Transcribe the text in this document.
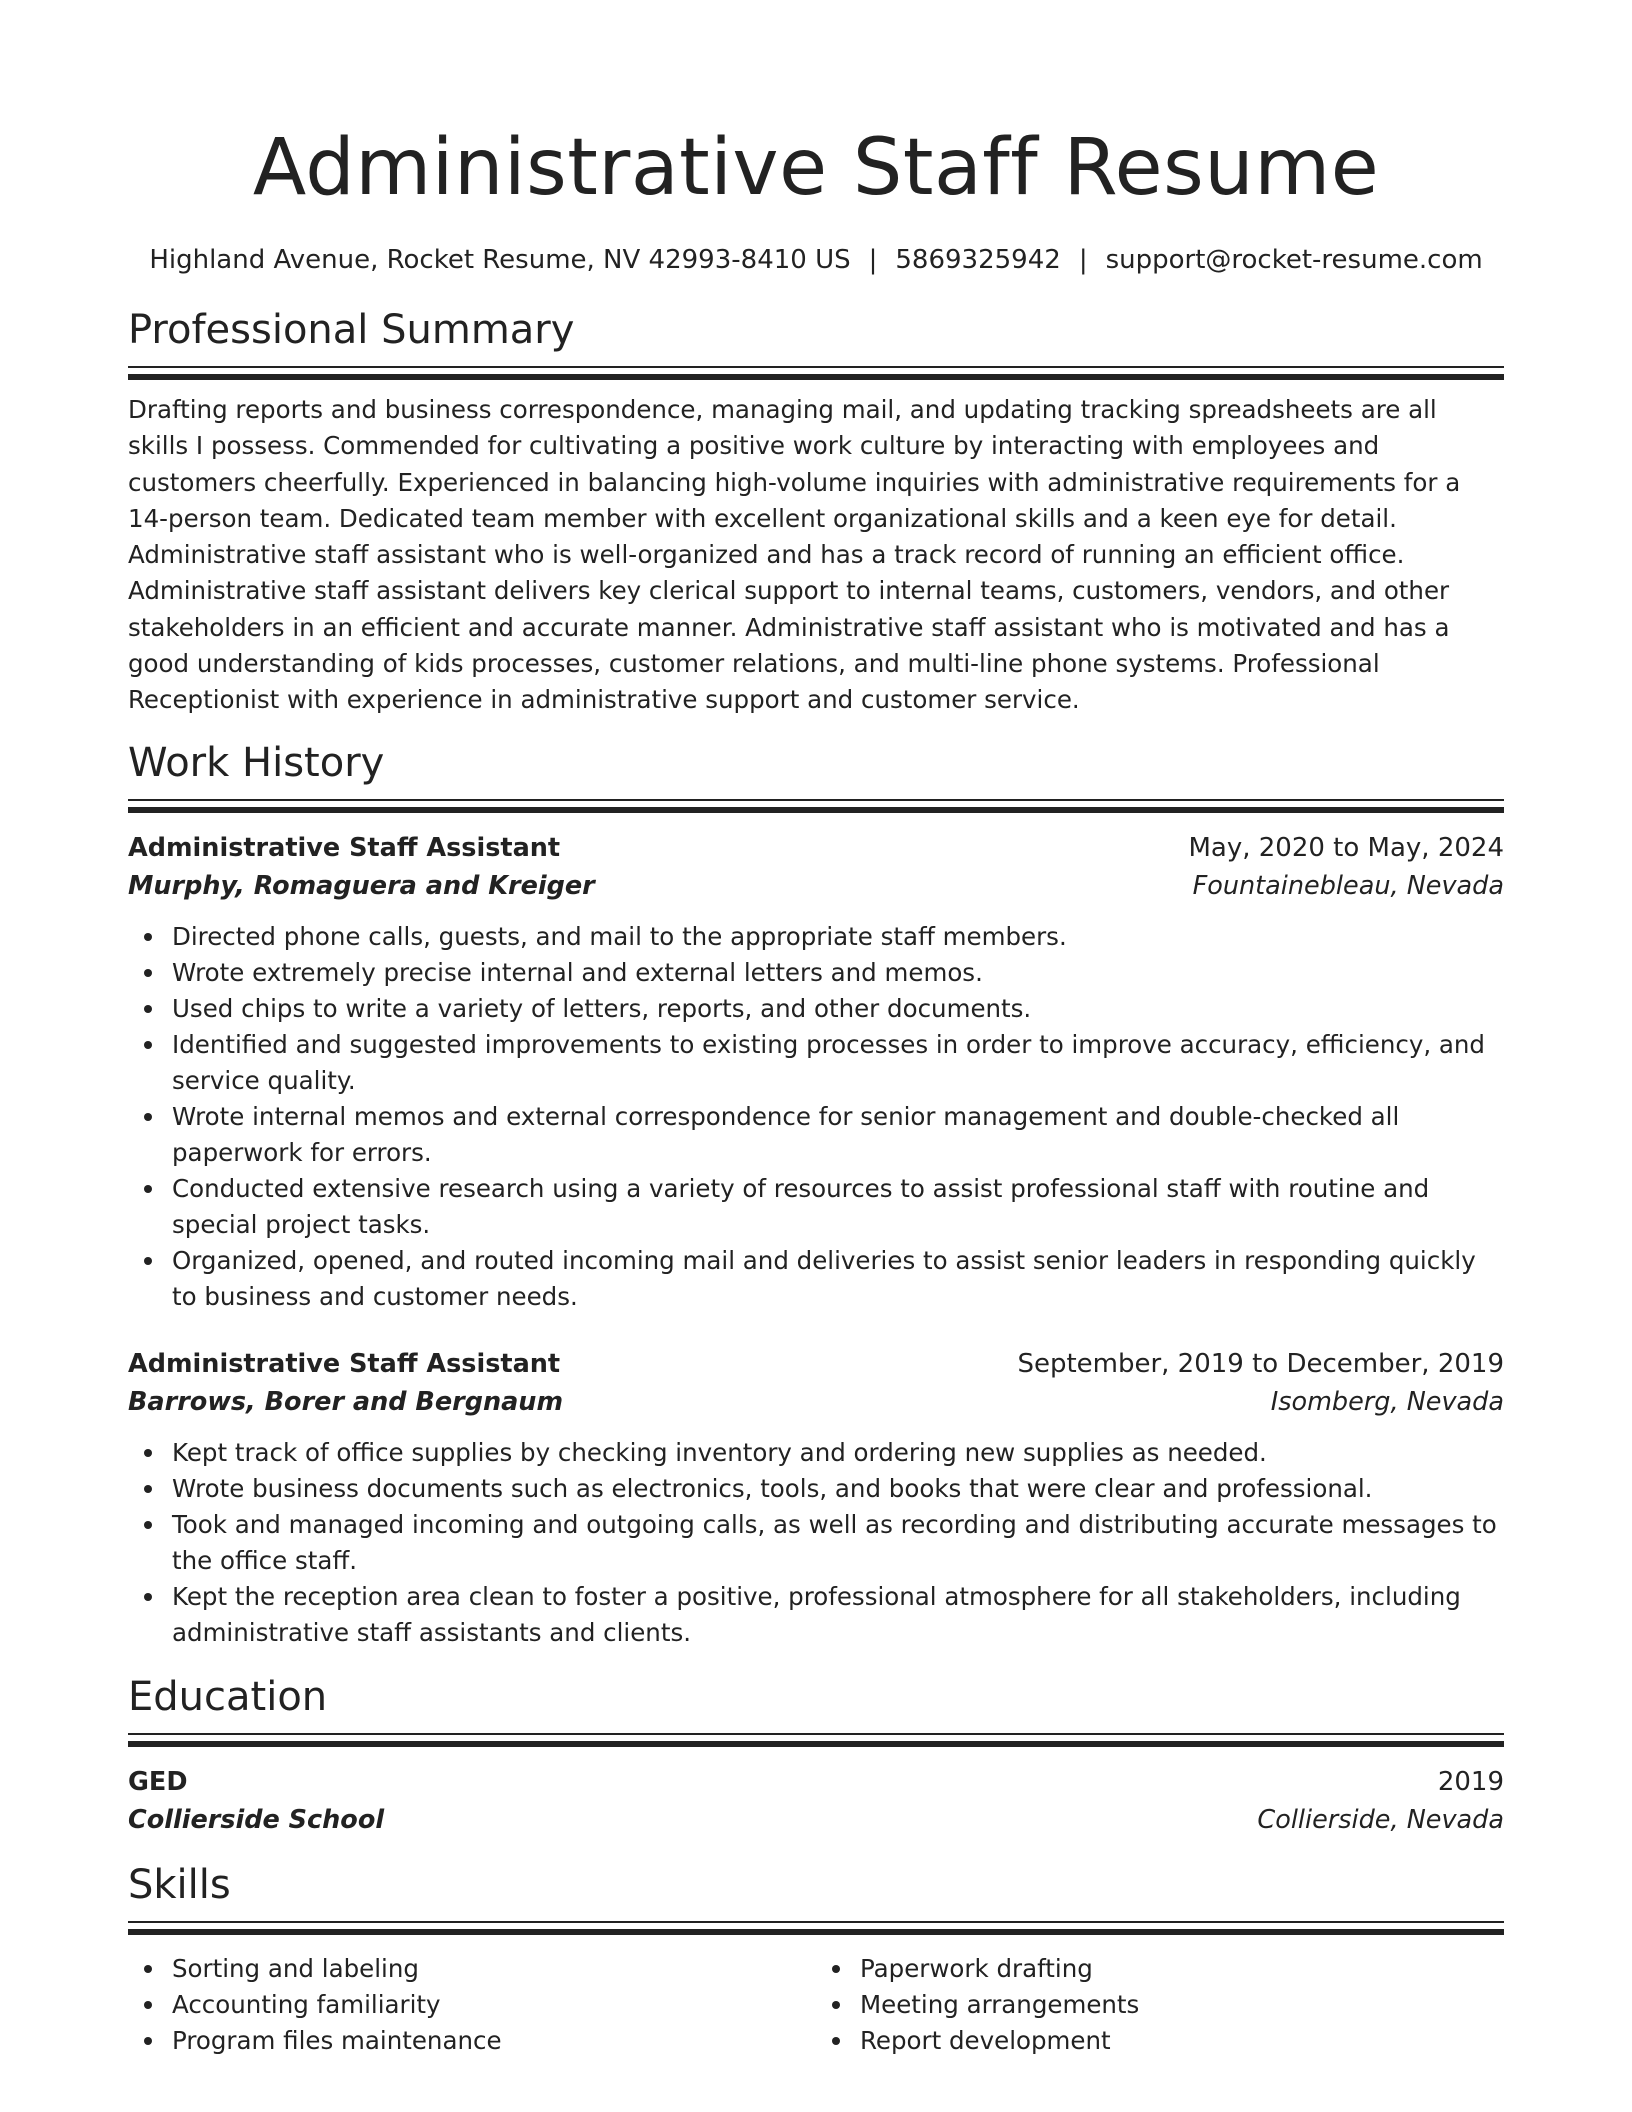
Administrative Staff Resume
Highland Avenue, Rocket Resume, NV 42993-8410 US | 5869325942 | support@rocket-resume.com
Professional Summary

Drafting reports and business correspondence, managing mail, and updating tracking spreadsheets are all skills I possess. Commended for cultivating a positive work culture by interacting with employees and customers cheerfully. Experienced in balancing high-volume inquiries with administrative requirements for a 14-person team. Dedicated team member with excellent organizational skills and a keen eye for detail. Administrative staff assistant who is well-organized and has a track record of running an efficient office. Administrative staff assistant delivers key clerical support to internal teams, customers, vendors, and other stakeholders in an efficient and accurate manner. Administrative staff assistant who is motivated and has a good understanding of kids processes, customer relations, and multi-line phone systems. Professional Receptionist with experience in administrative support and customer service.

Work History
Administrative Staff Assistant	May, 2020 to May, 2024
Murphy, Romaguera and Kreiger	Fountainebleau, Nevada
Directed phone calls, guests, and mail to the appropriate staff members.
Wrote extremely precise internal and external letters and memos.
Used chips to write a variety of letters, reports, and other documents.
Identified and suggested improvements to existing processes in order to improve accuracy, efficiency, and service quality.
Wrote internal memos and external correspondence for senior management and double-checked all paperwork for errors.
Conducted extensive research using a variety of resources to assist professional staff with routine and special project tasks.
Organized, opened, and routed incoming mail and deliveries to assist senior leaders in responding quickly to business and customer needs.
Administrative Staff Assistant	September, 2019 to December, 2019
Barrows, Borer and Bergnaum	Isomberg, Nevada
Kept track of office supplies by checking inventory and ordering new supplies as needed.
Wrote business documents such as electronics, tools, and books that were clear and professional.
Took and managed incoming and outgoing calls, as well as recording and distributing accurate messages to the office staff.
Kept the reception area clean to foster a positive, professional atmosphere for all stakeholders, including administrative staff assistants and clients.
Education
GED	2019
Collierside School	Collierside, Nevada
Skills
Sorting and labeling
Accounting familiarity
Program files maintenance
Paperwork drafting
Meeting arrangements
Report development
